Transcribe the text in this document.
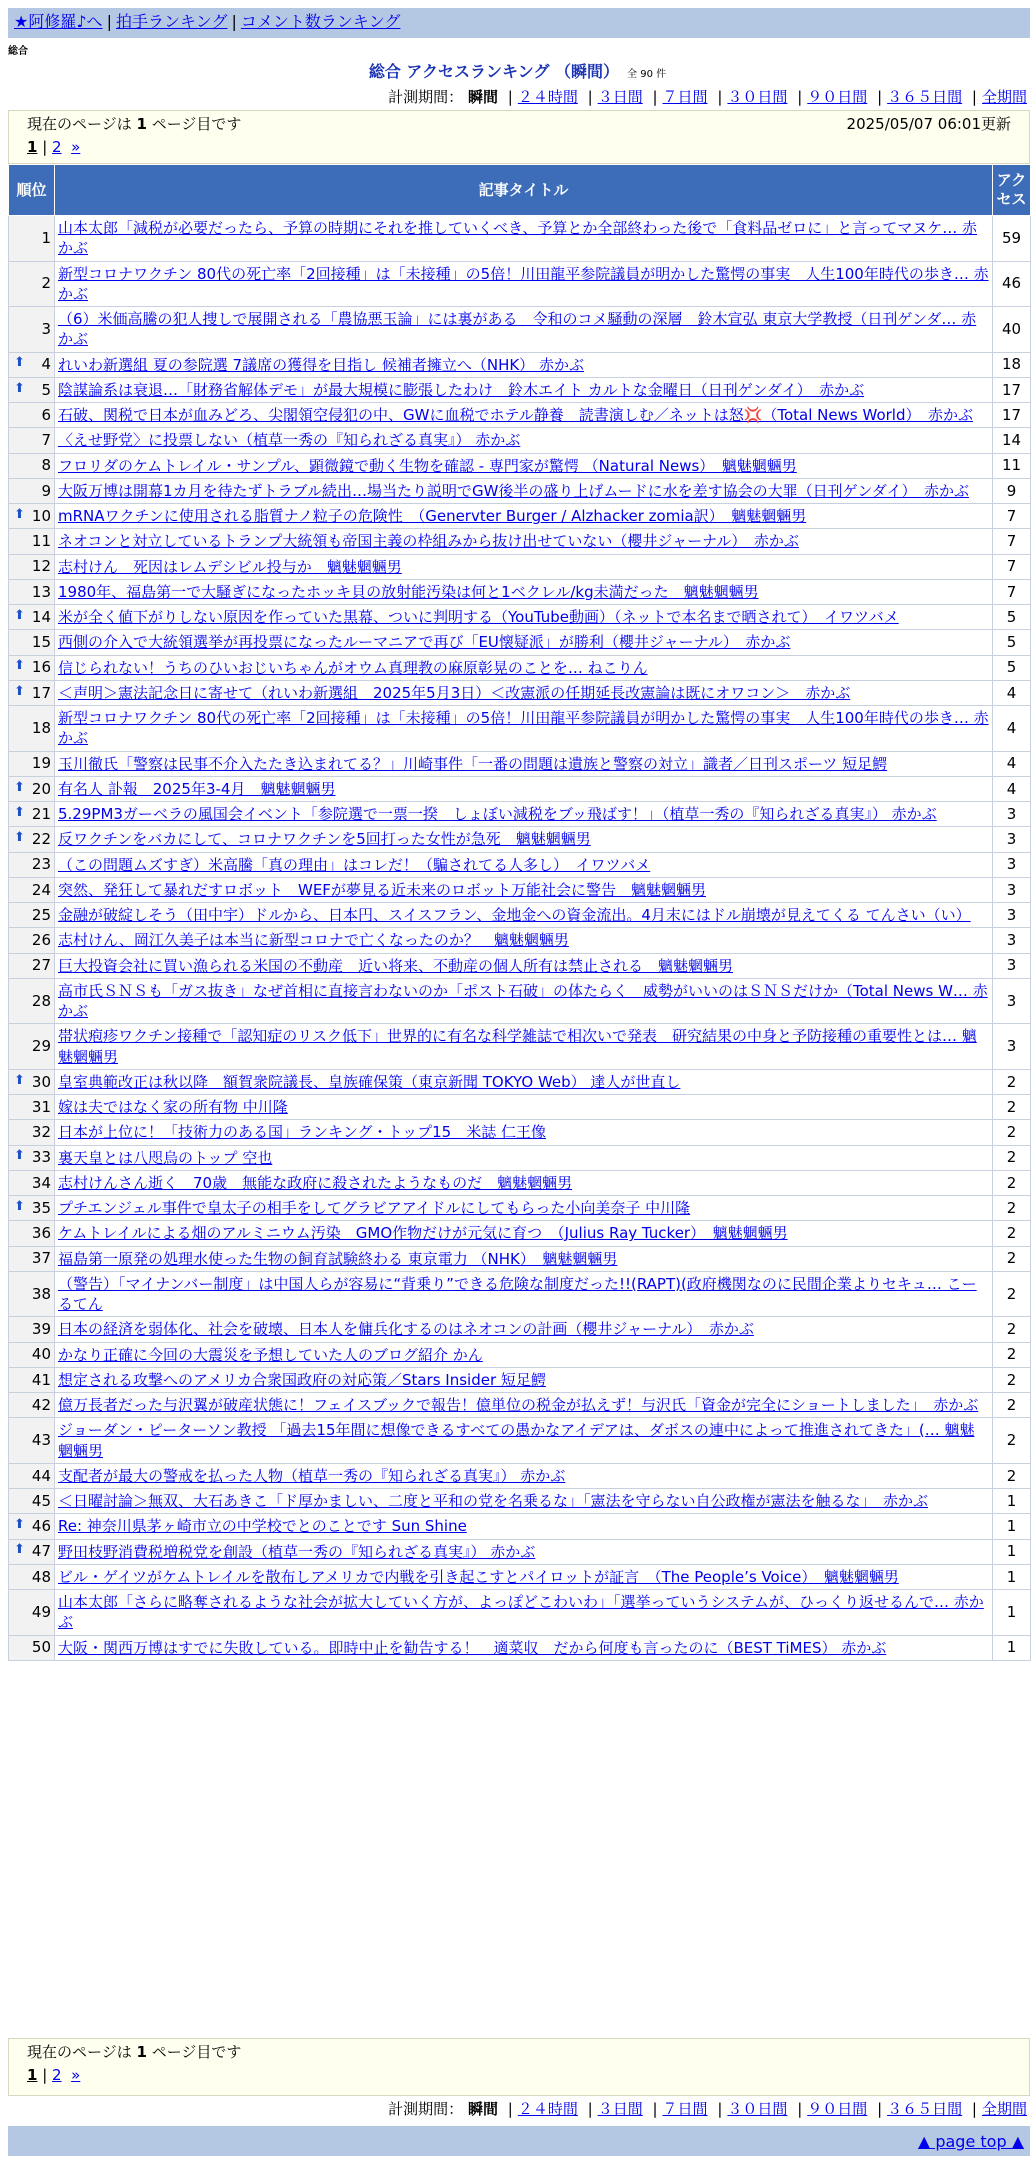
★阿修羅♪へ | 拍手ランキング | コメント数ランキング
総合
総合 アクセスランキング （瞬間） 全 90 件
計測期間： 瞬間 | ２４時間 | ３日間 | ７日間 | ３０日間 | ９０日間 | ３６５日間 | 全期間
現在のページは 1 ページ目です	2025/05/07 06:01更新
1 | 2 »
順位	記事タイトル	アクセス
1	山本太郎「減税が必要だったら、予算の時期にそれを推していくべき、予算とか全部終わった後で「食料品ゼロに」と言ってマヌケ… 赤かぶ	59
2	新型コロナワクチン 80代の死亡率「2回接種」は「未接種」の5倍！川田龍平参院議員が明かした驚愕の事実　人生100年時代の歩き… 赤かぶ	46
3	（6）米価高騰の犯人捜しで展開される「農協悪玉論」には裏がある　令和のコメ騒動の深層　鈴木宣弘 東京大学教授（日刊ゲンダ… 赤かぶ	40

⬆ 4	れいわ新選組 夏の参院選 7議席の獲得を目指し 候補者擁立へ（NHK） 赤かぶ	18

⬆ 5	陰謀論系は衰退…「財務省解体デモ」が最大規模に膨張したわけ　鈴木エイト カルトな金曜日（日刊ゲンダイ）　赤かぶ	17
6	石破、関税で日本が血みどろ、尖閣領空侵犯の中、GWに血税でホテル静養　読書演しむ／ネットは怒💢（Total News World）　赤かぶ	17
7	〈えせ野党〉に投票しない（植草一秀の『知られざる真実』） 赤かぶ	14
8	フロリダのケムトレイル・サンプル、顕微鏡で動く生物を確認 - 専門家が驚愕 （Natural News）　魑魅魍魎男	11
9	大阪万博は開幕1カ月を待たずトラブル続出…場当たり説明でGW後半の盛り上げムードに水を差す協会の大罪（日刊ゲンダイ）　赤かぶ	9

⬆ 10	mRNAワクチンに使用される脂質ナノ粒子の危険性　（Genervter Burger / Alzhacker zomia訳）　魑魅魍魎男	7
11	ネオコンと対立しているトランプ大統領も帝国主義の枠組みから抜け出せていない（櫻井ジャーナル）　赤かぶ	7
12	志村けん　死因はレムデシビル投与か　魑魅魍魎男	7
13	1980年、福島第一で大騒ぎになったホッキ貝の放射能汚染は何と1ベクレル/kg未満だった　魑魅魍魎男	7

⬆ 14	米が全く値下がりしない原因を作っていた黒幕、ついに判明する（YouTube動画）（ネットで本名まで晒されて）　イワツバメ	5
15	西側の介入で大統領選挙が再投票になったルーマニアで再び「EU懐疑派」が勝利（櫻井ジャーナル）　赤かぶ	5

⬆ 16	信じられない！うちのひいおじいちゃんがオウム真理教の麻原彰晃のことを… ねこりん	5

⬆ 17	＜声明＞憲法記念日に寄せて（れいわ新選組　2025年5月3日）＜改憲派の任期延長改憲論は既にオワコン＞　赤かぶ	4
18	新型コロナワクチン 80代の死亡率「2回接種」は「未接種」の5倍！川田龍平参院議員が明かした驚愕の事実　人生100年時代の歩き… 赤かぶ	4
19	玉川徹氏「警察は民事不介入たたき込まれてる？」川崎事件「一番の問題は遺族と警察の対立」識者／日刊スポーツ 短足鰐	4

⬆ 20	有名人 訃報　2025年3-4月　魑魅魍魎男	4

⬆ 21	5.29PM3ガーベラの風国会イベント「参院選で一票一揆　しょぼい減税をブッ飛ばす！」（植草一秀の『知られざる真実』） 赤かぶ	3

⬆ 22	反ワクチンをバカにして、コロナワクチンを5回打った女性が急死　魑魅魍魎男	3
23	（この問題ムズすぎ）米高騰「真の理由」はコレだ！（騙されてる人多し）　イワツバメ	3
24	突然、発狂して暴れだすロボット　WEFが夢見る近未来のロボット万能社会に警告　魑魅魍魎男	3
25	金融が破綻しそう（田中宇）ドルから、日本円、スイスフラン、金地金への資金流出。4月末にはドル崩壊が見えてくる てんさい（い）	3
26	志村けん、岡江久美子は本当に新型コロナで亡くなったのか？　魑魅魍魎男	3
27	巨大投資会社に買い漁られる米国の不動産　近い将来、不動産の個人所有は禁止される　魑魅魍魎男	3
28	高市氏ＳＮＳも「ガス抜き」なぜ首相に直接言わないのか「ポスト石破」の体たらく　威勢がいいのはＳＮＳだけか（Total News W… 赤かぶ	3
29	帯状疱疹ワクチン接種で「認知症のリスク低下」世界的に有名な科学雑誌で相次いで発表　研究結果の中身と予防接種の重要性とは… 魑魅魍魎男	3

⬆ 30	皇室典範改正は秋以降　額賀衆院議長、皇族確保策（東京新聞 TOKYO Web） 達人が世直し	2
31	嫁は夫ではなく家の所有物 中川隆	2
32	日本が上位に！「技術力のある国」ランキング・トップ15　米誌 仁王像	2

⬆ 33	裏天皇とは八咫烏のトップ 空也	2
34	志村けんさん逝く　70歳　無能な政府に殺されたようなものだ　魑魅魍魎男	2

⬆ 35	プチエンジェル事件で皇太子の相手をしてグラビアアイドルにしてもらった小向美奈子 中川隆	2
36	ケムトレイルによる畑のアルミニウム汚染　GMO作物だけが元気に育つ　（Julius Ray Tucker）　魑魅魍魎男	2
37	福島第一原発の処理水使った生物の飼育試験終わる 東京電力 （NHK）　魑魅魍魎男	2
38	（警告）「マイナンバー制度」は中国人らが容易に“背乗り”できる危険な制度だった!!(RAPT)(政府機関なのに民間企業よりセキュ… こーるてん	2
39	日本の経済を弱体化、社会を破壊、日本人を傭兵化するのはネオコンの計画（櫻井ジャーナル）　赤かぶ	2
40	かなり正確に今回の大震災を予想していた人のブログ紹介 かん	2
41	想定される攻撃へのアメリカ合衆国政府の対応策／Stars Insider 短足鰐	2
42	億万長者だった与沢翼が破産状態に！フェイスブックで報告！億単位の税金が払えず！与沢氏「資金が完全にショートしました」　赤かぶ	2
43	ジョーダン・ピーターソン教授 「過去15年間に想像できるすべての愚かなアイデアは、ダボスの連中によって推進されてきた」(… 魑魅魍魎男	2
44	支配者が最大の警戒を払った人物（植草一秀の『知られざる真実』） 赤かぶ	2
45	＜日曜討論＞無双、大石あきこ「ド厚かましい、二度と平和の党を名乗るな」「憲法を守らない自公政権が憲法を触るな」　赤かぶ	1

⬆ 46	Re: 神奈川県茅ヶ崎市立の中学校でとのことです Sun Shine	1

⬆ 47	野田枝野消費税増税党を創設（植草一秀の『知られざる真実』） 赤かぶ	1
48	ビル・ゲイツがケムトレイルを散布しアメリカで内戦を引き起こすとパイロットが証言　（The People’s Voice）　魑魅魍魎男	1
49	山本太郎「さらに略奪されるような社会が拡大していく方が、よっぽどこわいわ」「選挙っていうシステムが、ひっくり返せるんで… 赤かぶ	1
50	大阪・関西万博はすでに失敗している。即時中止を勧告する！　適菜収　だから何度も言ったのに（BEST TiMES） 赤かぶ	1
現在のページは 1 ページ目です
1 | 2 »
計測期間： 瞬間 | ２４時間 | ３日間 | ７日間 | ３０日間 | ９０日間 | ３６５日間 | 全期間
▲ page top ▲
